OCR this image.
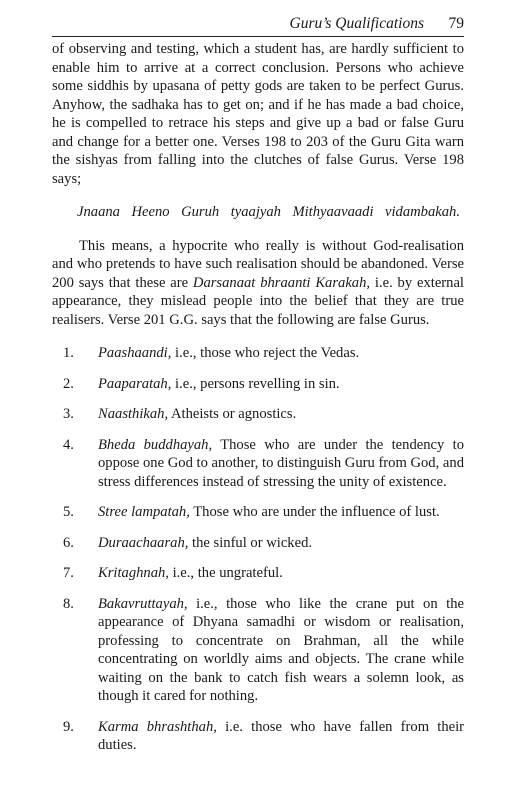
Guru’s Qualifications 79

of observing and testing, which a student has, are hardly sufficient to enable him to arrive at a correct conclusion. Persons who achieve some siddhis by upasana of petty gods are taken to be perfect Gurus. Anyhow, the sadhaka has to get on; and if he has made a bad choice, he is compelled to retrace his steps and give up a bad or false Guru and change for a better one. Verses 198 to 203 of the Guru Gita warn the sishyas from falling into the clutches of false Gurus. Verse 198 says;

Jnaana Heeno Guruh tyaajyah Mithyaavaadi vidambakah.

This means, a hypocrite who really is without God-realisation and who pretends to have such realisation should be abandoned. Verse 200 says that these are Darsanaat bhraanti Karakah, i.e. by external appearance, they mislead people into the belief that they are true realisers. Verse 201 G.G. says that the following are false Gurus.

1.	Paashaandi, i.e., those who reject the Vedas.
2.	Paaparatah, i.e., persons revelling in sin.
3.	Naasthikah, Atheists or agnostics.
4.	Bheda buddhayah, Those who are under the tendency to oppose one God to another, to distinguish Guru from God, and stress differences instead of stressing the unity of existence.
5.	Stree lampatah, Those who are under the influence of lust.
6.	Duraachaarah, the sinful or wicked.
7.	Kritaghnah, i.e., the ungrateful.
8.	Bakavruttayah, i.e., those who like the crane put on the appearance of Dhyana samadhi or wisdom or realisation, professing to concentrate on Brahman, all the while concentrating on worldly aims and objects. The crane while waiting on the bank to catch fish wears a solemn look, as though it cared for nothing.
9.	Karma bhrashthah, i.e. those who have fallen from their duties.
